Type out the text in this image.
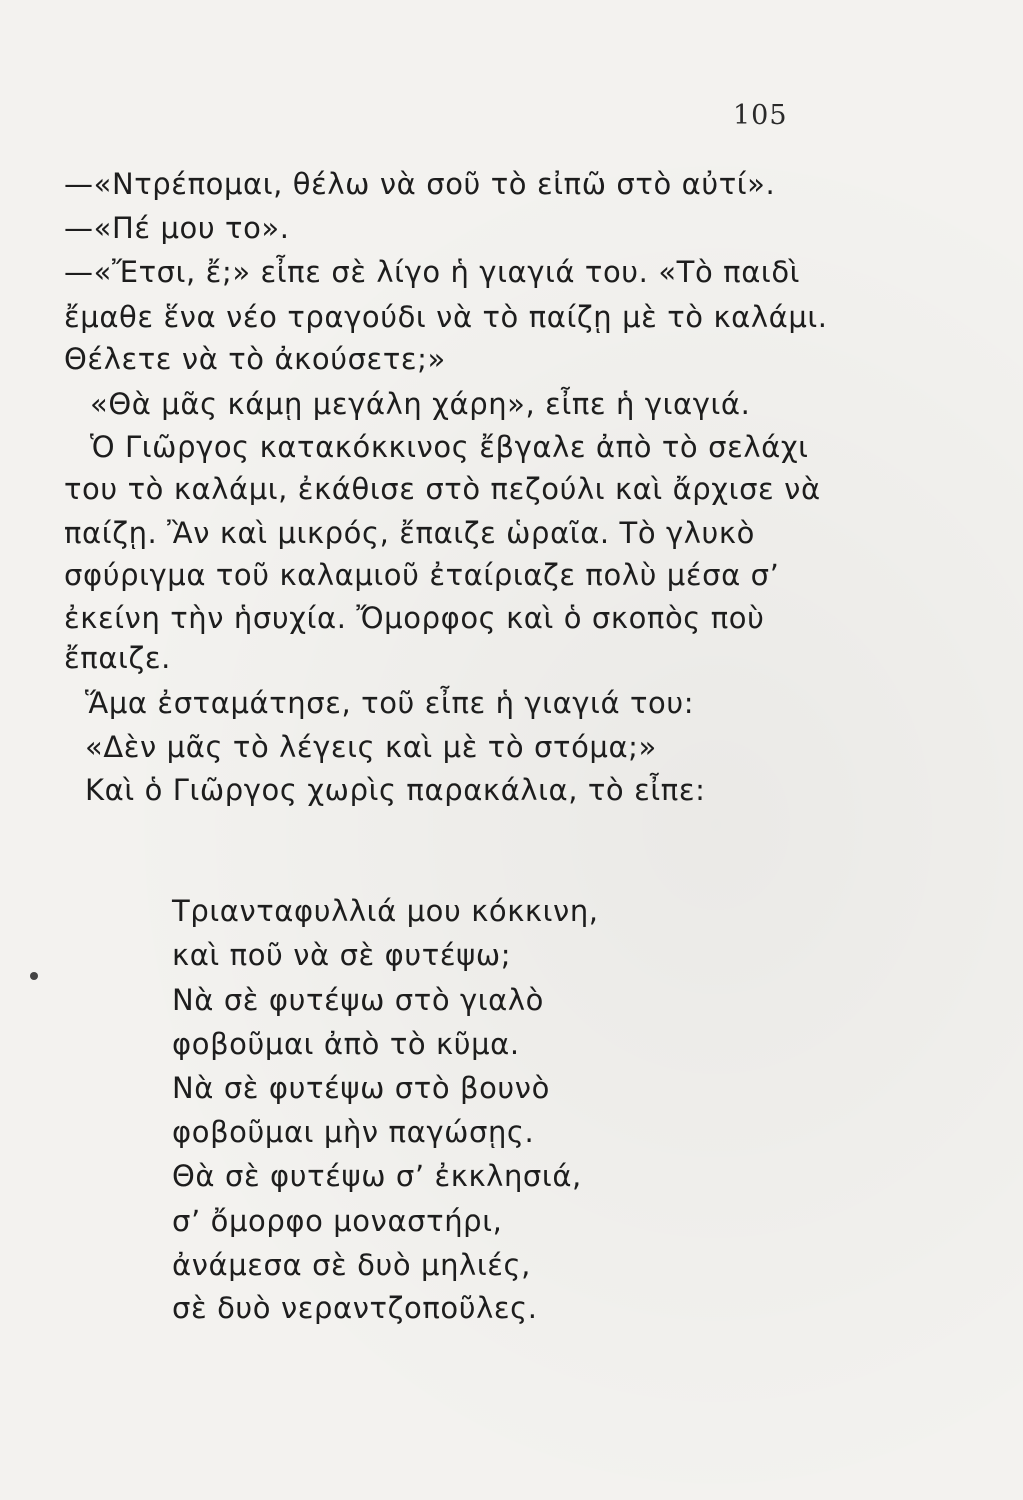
105
—«Ντρέπομαι, θέλω νὰ σοῦ τὸ εἰπῶ στὸ αὐτί».
—«Πέ μου το».
—«Ἔτσι, ἔ;» εἶπε σὲ λίγο ἡ γιαγιά του. «Τὸ παιδὶ
ἔμαθε ἕνα νέο τραγούδι νὰ τὸ παίζῃ μὲ τὸ καλάμι.
Θέλετε νὰ τὸ ἀκούσετε;»
«Θὰ μᾶς κάμῃ μεγάλη χάρη», εἶπε ἡ γιαγιά.
Ὁ Γιῶργος κατακόκκινος ἔβγαλε ἀπὸ τὸ σελάχι
του τὸ καλάμι, ἐκάθισε στὸ πεζούλι καὶ ἄρχισε νὰ
παίζῃ. Ἂν καὶ μικρός, ἔπαιζε ὡραῖα. Τὸ γλυκὸ
σφύριγμα τοῦ καλαμιοῦ ἐταίριαζε πολὺ μέσα σ’
ἐκείνη τὴν ἡσυχία. Ὄμορφος καὶ ὁ σκοπὸς ποὺ
ἔπαιζε.
Ἅμα ἐσταμάτησε, τοῦ εἶπε ἡ γιαγιά του:
«Δὲν μᾶς τὸ λέγεις καὶ μὲ τὸ στόμα;»
Καὶ ὁ Γιῶργος χωρὶς παρακάλια, τὸ εἶπε:
Τριανταφυλλιά μου κόκκινη,
καὶ ποῦ νὰ σὲ φυτέψω;
Νὰ σὲ φυτέψω στὸ γιαλὸ
φοβοῦμαι ἀπὸ τὸ κῦμα.
Νὰ σὲ φυτέψω στὸ βουνὸ
φοβοῦμαι μὴν παγώσῃς.
Θὰ σὲ φυτέψω σ’ ἐκκλησιά,
σ’ ὄμορφο μοναστήρι,
ἀνάμεσα σὲ δυὸ μηλιές,
σὲ δυὸ νεραντζοποῦλες.
